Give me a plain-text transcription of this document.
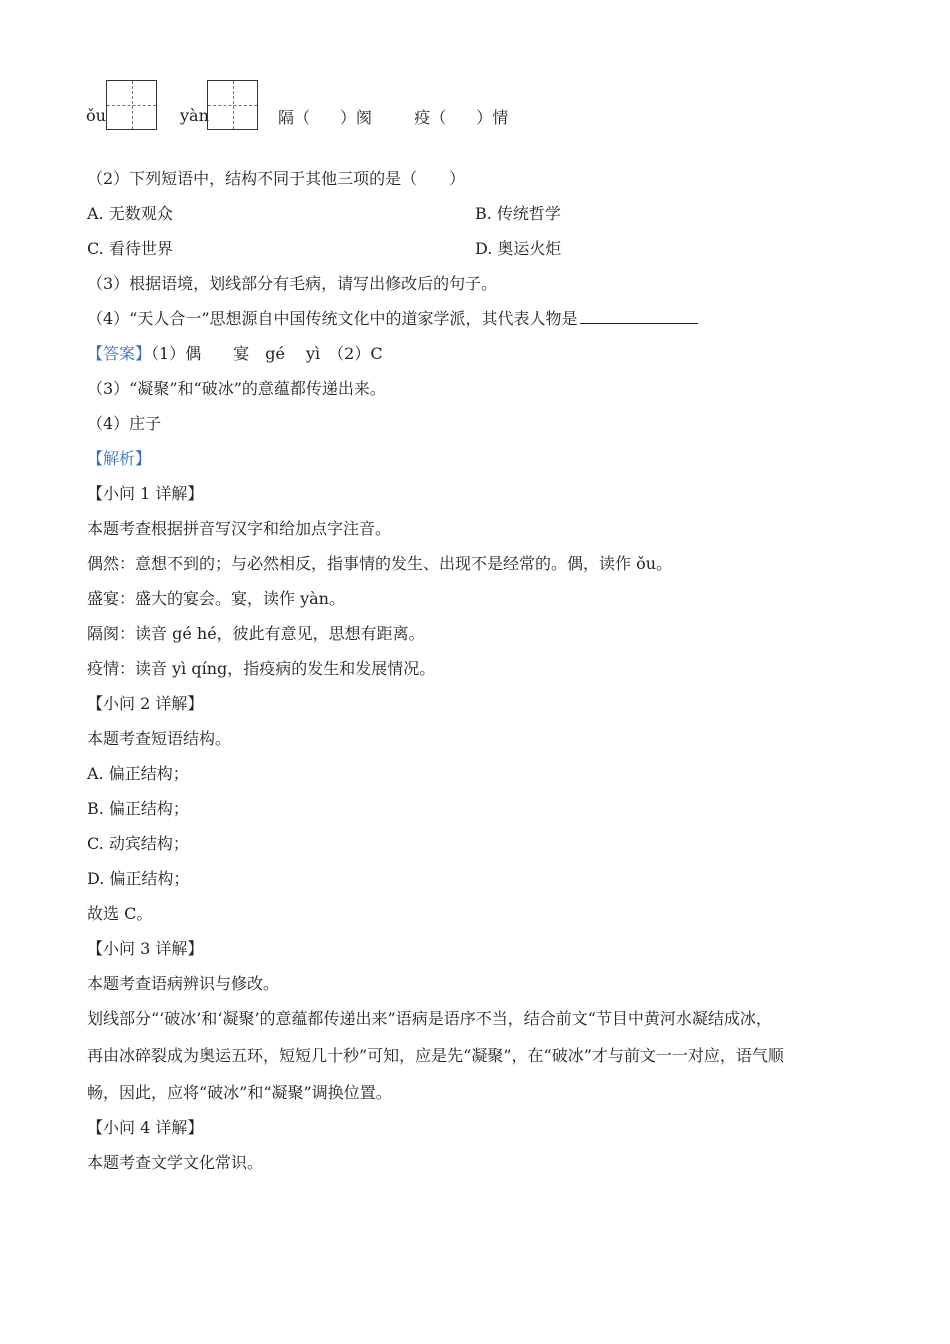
ǒu	yàn	隔（ ）阂	疫（ ）情
（2）下列短语中，结构不同于其他三项的是（　　）
A. 无数观众	B. 传统哲学
C. 看待世界	D. 奥运火炬
（3）根据语境，划线部分有毛病，请写出修改后的句子。
（4）“天人合一”思想源自中国传统文化中的道家学派，其代表人物是
【答案】（1）偶　　宴　gé　 yì　（2）C
（3）“凝聚”和“破冰”的意蕴都传递出来。
（4）庄子
【解析】
【小问 1 详解】
本题考查根据拼音写汉字和给加点字注音。
偶然：意想不到的；与必然相反，指事情的发生、出现不是经常的。偶，读作 ǒu。
盛宴：盛大的宴会。宴，读作 yàn。
隔阂：读音 gé hé，彼此有意见，思想有距离。
疫情：读音 yì qíng，指疫病的发生和发展情况。
【小问 2 详解】
本题考查短语结构。
A. 偏正结构；
B. 偏正结构；
C. 动宾结构；
D. 偏正结构；
故选 C。
【小问 3 详解】
本题考查语病辨识与修改。
划线部分“‘破冰’和‘凝聚’的意蕴都传递出来”语病是语序不当，结合前文“节目中黄河水凝结成冰，
再由冰碎裂成为奥运五环，短短几十秒”可知，应是先“凝聚”，在“破冰”才与前文一一对应，语气顺
畅，因此，应将“破冰”和“凝聚”调换位置。
【小问 4 详解】
本题考查文学文化常识。
